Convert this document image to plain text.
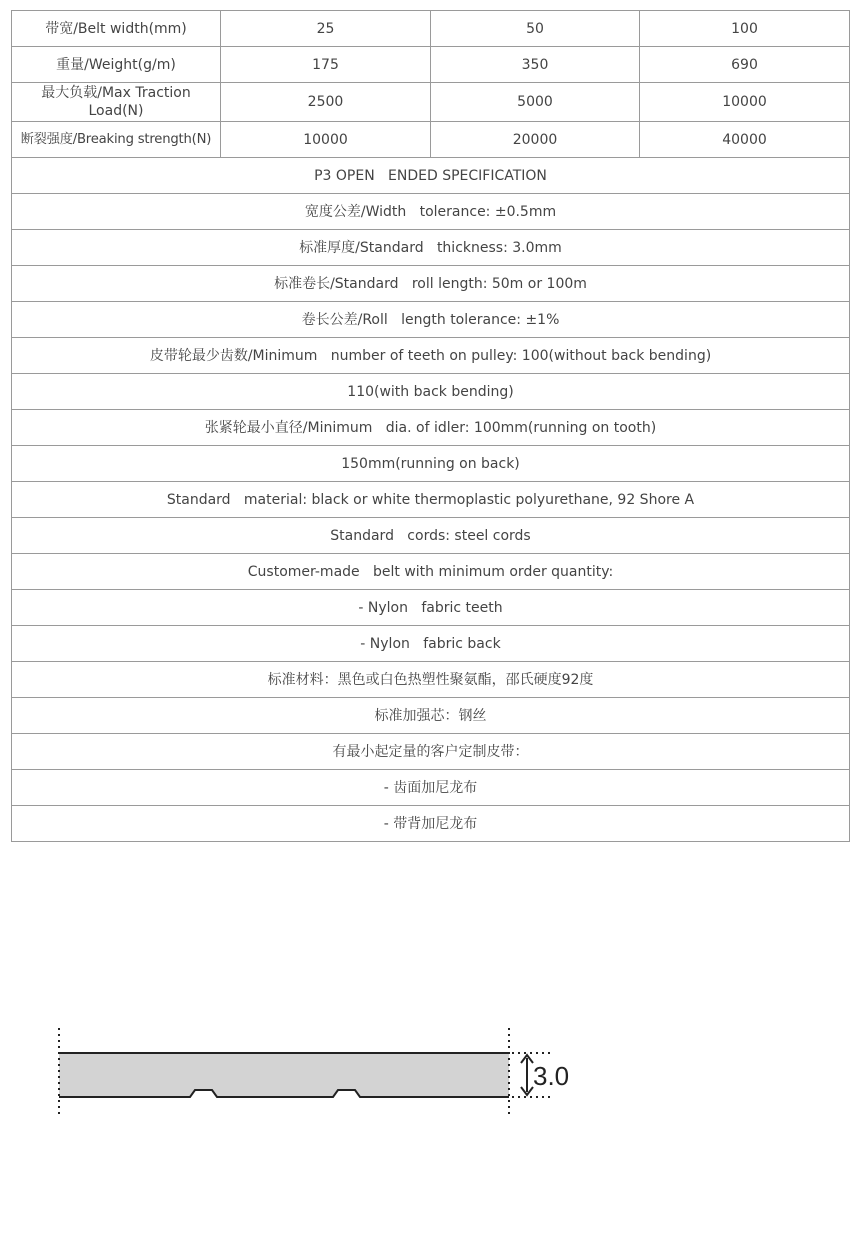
带宽/Belt width(mm)	25	50	100
重量/Weight(g/m)	175	350	690
最大负载/Max Traction Load(N)	2500	5000	10000
断裂强度/Breaking strength(N)	10000	20000	40000
P3 OPEN   ENDED SPECIFICATION			
宽度公差/Width   tolerance: ±0.5mm			
标准厚度/Standard   thickness: 3.0mm			
标准卷长/Standard   roll length: 50m or 100m			
卷长公差/Roll   length tolerance: ±1%			
皮带轮最少齿数/Minimum   number of teeth on pulley: 100(without back bending)			
110(with back bending)			
张紧轮最小直径/Minimum   dia. of idler: 100mm(running on tooth)			
150mm(running on back)			
Standard   material: black or white thermoplastic polyurethane, 92 Shore A			
Standard   cords: steel cords			
Customer-made   belt with minimum order quantity:			
- Nylon   fabric teeth			
- Nylon   fabric back			
标准材料：黑色或白色热塑性聚氨酯，邵氏硬度92度			
标准加强芯：钢丝			
有最小起定量的客户定制皮带：			
- 齿面加尼龙布			
- 带背加尼龙布			
3.0
